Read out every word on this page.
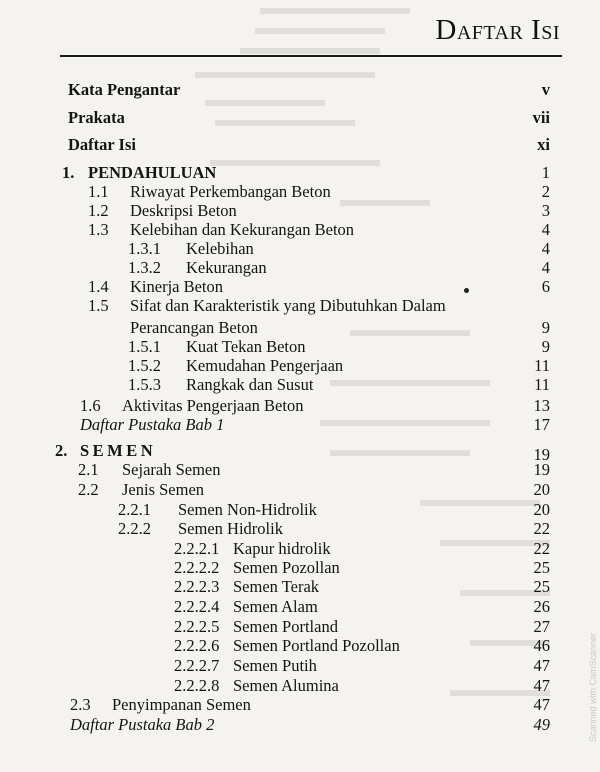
Daftar Isi
Kata Pengantar	v
Prakata	vii
Daftar Isi	xi
1. PENDAHULUAN	1
1.1 Riwayat Perkembangan Beton	2
1.2 Deskripsi Beton	3
1.3 Kelebihan dan Kekurangan Beton	4
1.3.1 Kelebihan	4
1.3.2 Kekurangan	4
1.4 Kinerja Beton	6
1.5 Sifat dan Karakteristik yang Dibutuhkan Dalam
Perancangan Beton	9
1.5.1 Kuat Tekan Beton	9
1.5.2 Kemudahan Pengerjaan	11
1.5.3 Rangkak dan Susut	11
1.6 Aktivitas Pengerjaan Beton	13
Daftar Pustaka Bab 1	17
2. SEMEN	19
2.1 Sejarah Semen	19
2.2 Jenis Semen	20
2.2.1 Semen Non-Hidrolik	20
2.2.2 Semen Hidrolik	22
2.2.2.1 Kapur hidrolik	22
2.2.2.2 Semen Pozollan	25
2.2.2.3 Semen Terak	25
2.2.2.4 Semen Alam	26
2.2.2.5 Semen Portland	27
2.2.2.6 Semen Portland Pozollan	46
2.2.2.7 Semen Putih	47
2.2.2.8 Semen Alumina	47
2.3 Penyimpanan Semen	47
Daftar Pustaka Bab 2	49	Scanned with CamScanner
